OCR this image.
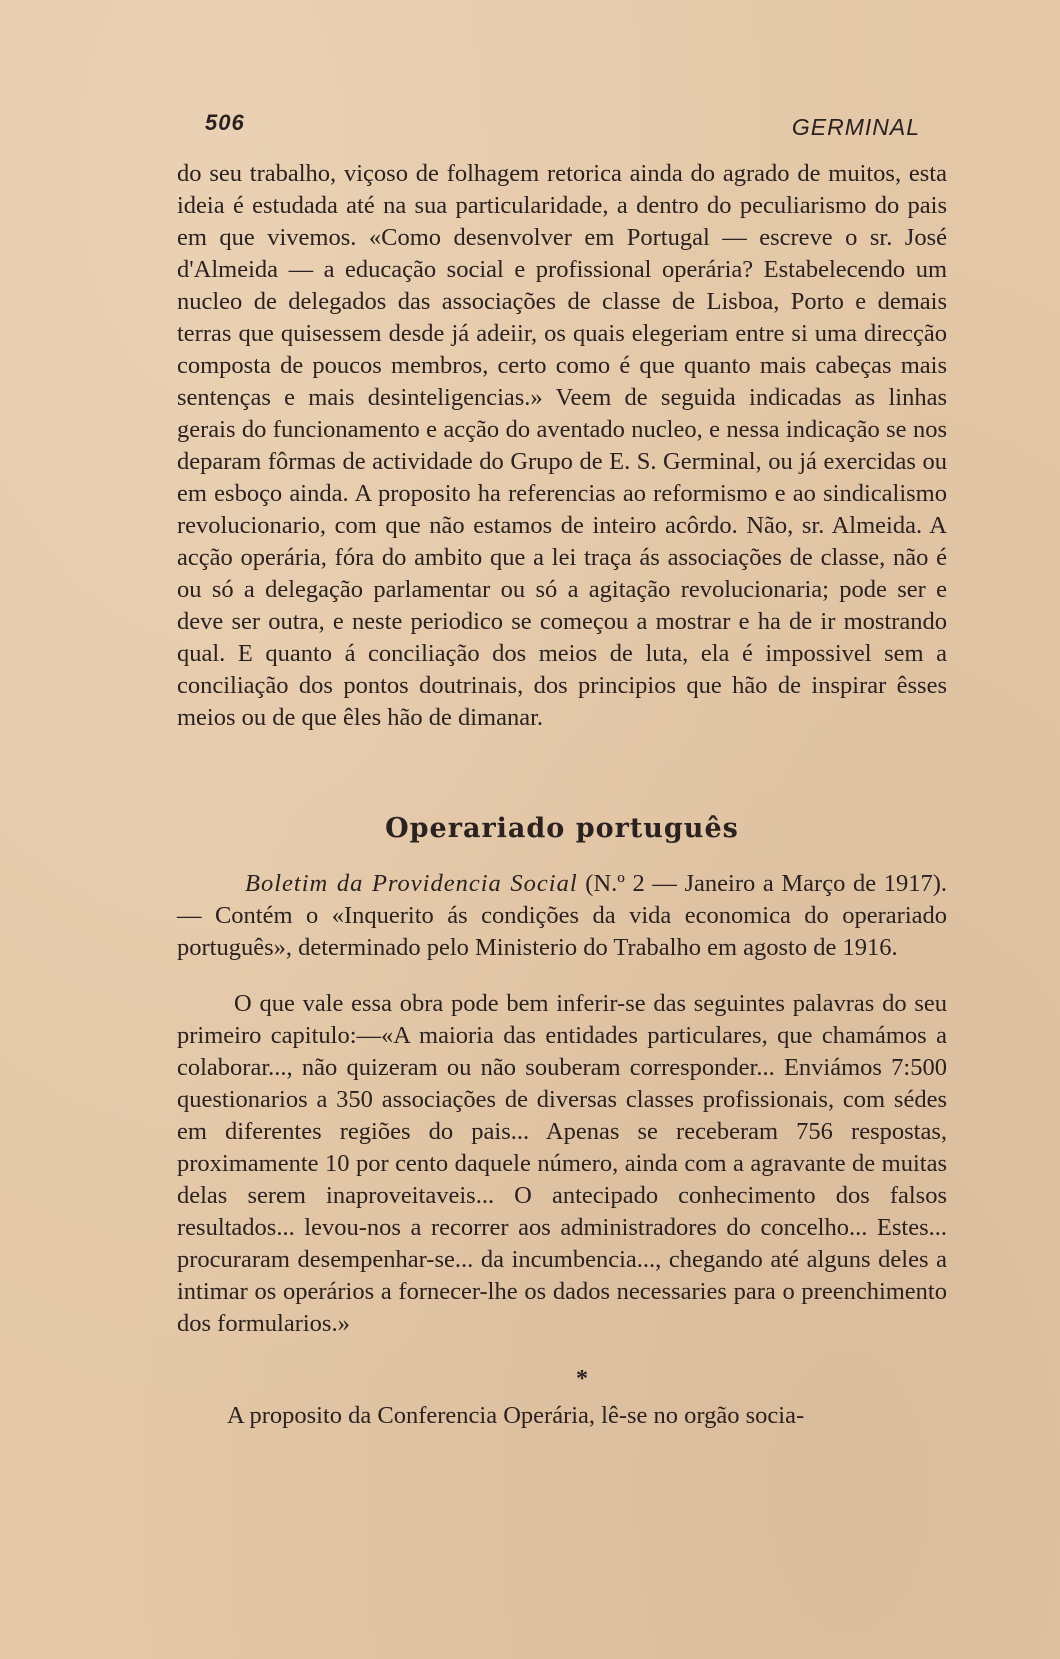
506	GERMINAL

do seu trabalho, viçoso de folhagem retorica ainda do agrado de muitos, esta ideia é estudada até na sua particularidade, a dentro do peculiarismo do pais em que vivemos. «Como desenvolver em Portugal — escreve o sr. José d'Almeida — a educação social e profissional operária? Estabelecendo um nucleo de delegados das associações de classe de Lisboa, Porto e demais terras que quisessem desde já adeiir, os quais elegeriam entre si uma direcção composta de poucos membros, certo como é que quanto mais cabeças mais sentenças e mais desinteligencias.» Veem de seguida indicadas as linhas gerais do funcionamento e acção do aventado nucleo, e nessa indicação se nos deparam fôrmas de actividade do Grupo de E. S. Germinal, ou já exercidas ou em esboço ainda. A proposito ha referencias ao reformismo e ao sindicalismo revolucionario, com que não estamos de inteiro acôrdo. Não, sr. Almeida. A acção operária, fóra do ambito que a lei traça ás associações de classe, não é ou só a delegação parlamentar ou só a agitação revolucionaria; pode ser e deve ser outra, e neste periodico se começou a mostrar e ha de ir mostrando qual. E quanto á conciliação dos meios de luta, ela é impossivel sem a conciliação dos pontos doutrinais, dos principios que hão de inspirar êsses meios ou de que êles hão de dimanar.

Operariado português

Boletim da Providencia Social (N.º 2 — Janeiro a Março de 1917). — Contém o «Inquerito ás condições da vida economica do operariado português», determinado pelo Ministerio do Trabalho em agosto de 1916.

O que vale essa obra pode bem inferir-se das seguintes palavras do seu primeiro capitulo:—«A maioria das entidades particulares, que chamámos a colaborar..., não quizeram ou não souberam corresponder... Enviámos 7:500 questionarios a 350 associações de diversas classes profissionais, com sédes em diferentes regiões do pais... Apenas se receberam 756 respostas, proximamente 10 por cento daquele número, ainda com a agravante de muitas delas serem inaproveitaveis... O antecipado conhecimento dos falsos resultados... levou-nos a recorrer aos administradores do concelho... Estes... procuraram desempenhar-se... da incumbencia..., chegando até alguns deles a intimar os operários a fornecer-lhe os dados necessaries para o preenchimento dos formularios.»

*

A proposito da Conferencia Operária, lê-se no orgão socia-
